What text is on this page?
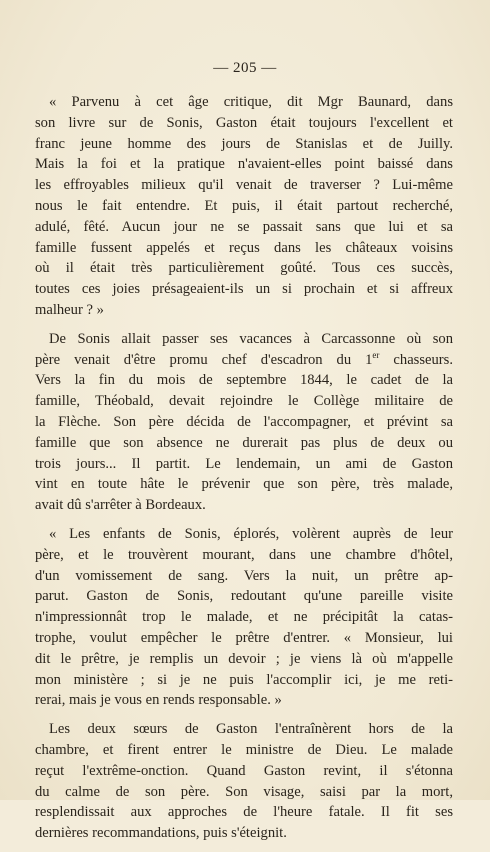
— 205 —

« Parvenu à cet âge critique, dit Mgr Baunard, dans
son livre sur de Sonis, Gaston était toujours l'excellent et
franc jeune homme des jours de Stanislas et de Juilly.
Mais la foi et la pratique n'avaient-elles point baissé dans
les effroyables milieux qu'il venait de traverser ? Lui-même
nous le fait entendre. Et puis, il était partout recherché,
adulé, fêté. Aucun jour ne se passait sans que lui et sa
famille fussent appelés et reçus dans les châteaux voisins
où il était très particulièrement goûté. Tous ces succès,
toutes ces joies présageaient-ils un si prochain et si affreux
malheur ? »

De Sonis allait passer ses vacances à Carcassonne où son
père venait d'être promu chef d'escadron du 1er chasseurs.
Vers la fin du mois de septembre 1844, le cadet de la
famille, Théobald, devait rejoindre le Collège militaire de
la Flèche. Son père décida de l'accompagner, et prévint sa
famille que son absence ne durerait pas plus de deux ou
trois jours... Il partit. Le lendemain, un ami de Gaston
vint en toute hâte le prévenir que son père, très malade,
avait dû s'arrêter à Bordeaux.

« Les enfants de Sonis, éplorés, volèrent auprès de leur
père, et le trouvèrent mourant, dans une chambre d'hôtel,
d'un vomissement de sang. Vers la nuit, un prêtre ap-
parut. Gaston de Sonis, redoutant qu'une pareille visite
n'impressionnât trop le malade, et ne précipitât la catas-
trophe, voulut empêcher le prêtre d'entrer. « Monsieur, lui
dit le prêtre, je remplis un devoir ; je viens là où m'appelle
mon ministère ; si je ne puis l'accomplir ici, je me reti-
rerai, mais je vous en rends responsable. »

Les deux sœurs de Gaston l'entraînèrent hors de la
chambre, et firent entrer le ministre de Dieu. Le malade
reçut l'extrême-onction. Quand Gaston revint, il s'étonna
du calme de son père. Son visage, saisi par la mort,
resplendissait aux approches de l'heure fatale. Il fit ses
dernières recommandations, puis s'éteignit.
